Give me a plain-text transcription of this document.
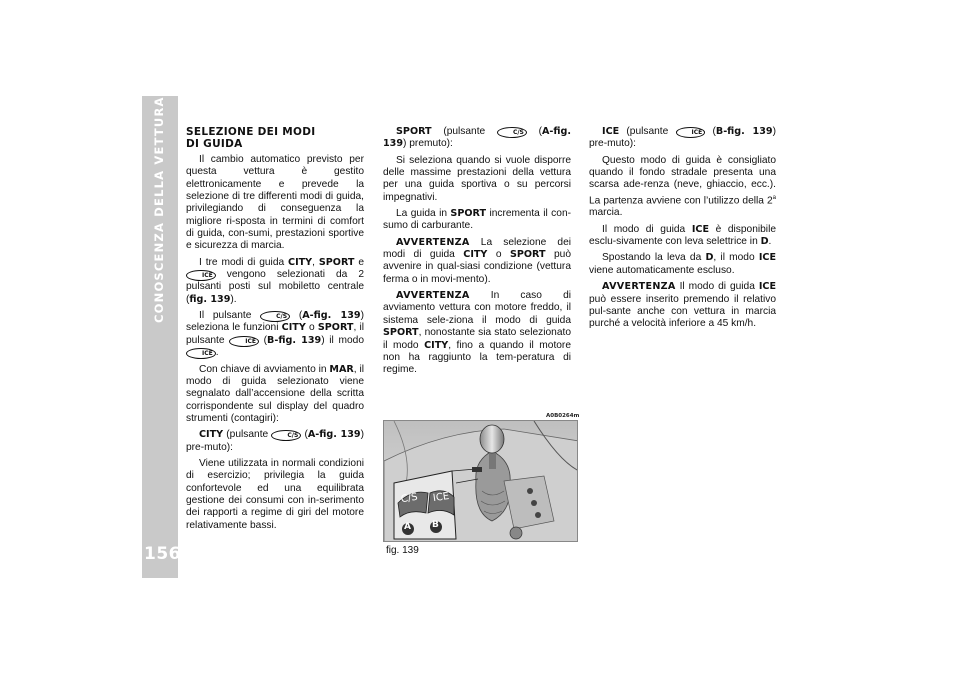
CONOSCENZA DELLA VETTURA
156

SELEZIONE DEI MODI
DI GUIDA

Il cambio automatico previsto per questa vettura è gestito elettronicamente e prevede la selezione di tre differenti modi di guida, privilegiando di conseguenza la migliore ri-sposta in termini di comfort di guida, con-sumi, prestazioni sportive e sicurezza di marcia.

I tre modi di guida CITY, SPORT e ICE vengono selezionati da 2 pulsanti posti sul mobiletto centrale (fig. 139).

Il pulsante	C/S (A-fig. 139) seleziona le funzioni CITY o SPORT, il pulsante	ICE (B-fig. 139) il modo ICE .

Con chiave di avviamento in MAR, il modo di guida selezionato viene segnalato dall’accensione della scritta corrispondente sul display del quadro strumenti (contagiri):

CITY (pulsante	C/S (A-fig. 139) pre-muto):

Viene utilizzata in normali condizioni di esercizio; privilegia la guida confortevole ed una equilibrata gestione dei consumi con in-serimento dei rapporti a regime di giri del motore relativamente bassi.

SPORT (pulsante	C/S (A-fig. 139) premuto):

Si seleziona quando si vuole disporre delle massime prestazioni della vettura per una guida sportiva o su percorsi impegnativi.

La guida in SPORT incrementa il con-sumo di carburante.

AVVERTENZA La selezione dei modi di guida CITY o SPORT può avvenire in qual-siasi condizione (vettura ferma o in movi-mento).

AVVERTENZA In caso di avviamento vettura con motore freddo, il sistema sele-ziona il modo di guida SPORT, nonostante sia stato selezionato il modo CITY, fino a quando il motore non ha raggiunto la tem-peratura di regime.

ICE (pulsante	ICE (B-fig. 139) pre-muto):

Questo modo di guida è consigliato quando il fondo stradale presenta una scarsa ade-renza (neve, ghiaccio, ecc.). La partenza avviene con l’utilizzo della 2$^a$ marcia.

Il modo di guida ICE è disponibile esclu-sivamente con leva selettrice in D.

Spostando la leva da D, il modo ICE viene automaticamente escluso.

AVVERTENZA Il modo di guida ICE può essere inserito premendo il relativo pul-sante anche con vettura in marcia purché a velocità inferiore a 45 km/h.

A0B0264m
C/S ICE
A B
fig. 139
